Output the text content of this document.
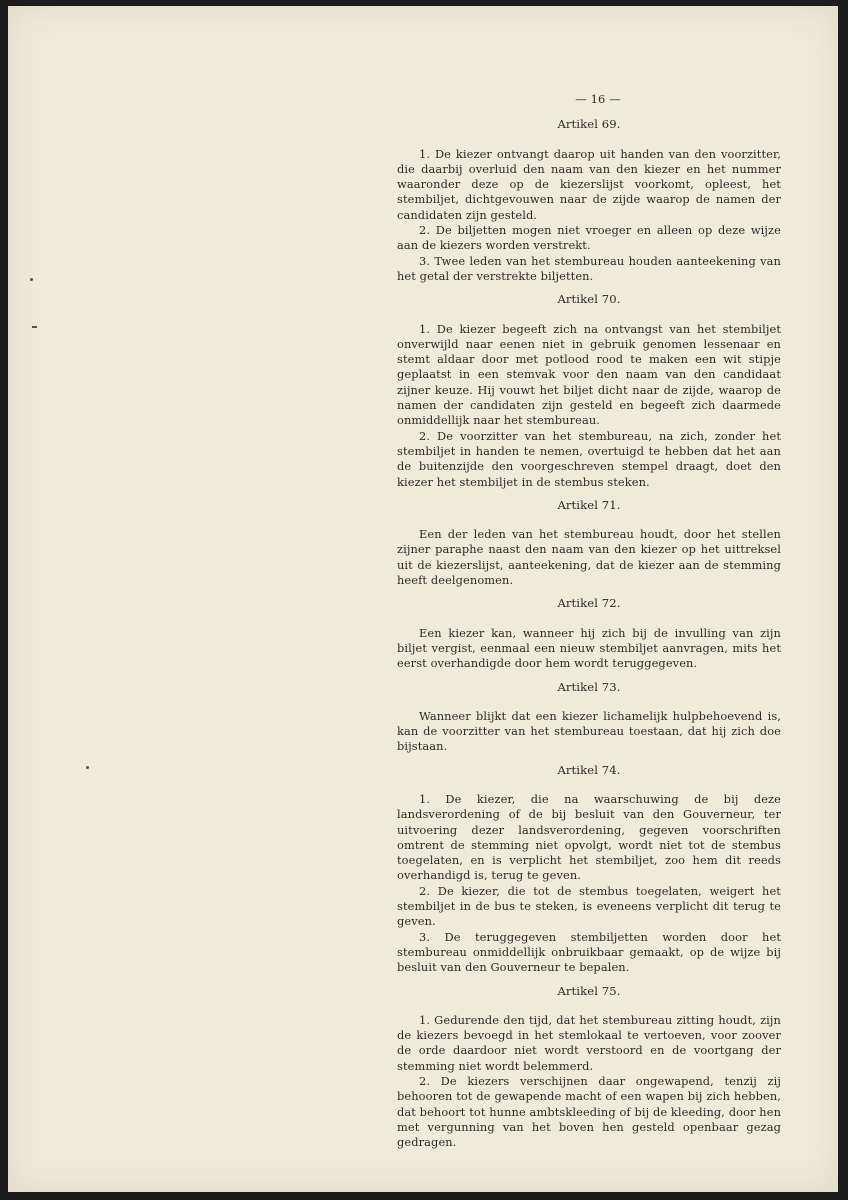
— 16 —
Artikel 69.

1. De kiezer ontvangt daarop uit handen van den voorzitter, die daarbij overluid den naam van den kiezer en het nummer waaronder deze op de kiezerslijst voorkomt, opleest, het stembiljet, dichtgevouwen naar de zijde waarop de namen der candidaten zijn gesteld.

2. De biljetten mogen niet vroeger en alleen op deze wijze aan de kiezers worden verstrekt.

3. Twee leden van het stembureau houden aanteekening van het getal der verstrekte biljetten.

Artikel 70.

1. De kiezer begeeft zich na ontvangst van het stembiljet onverwijld naar eenen niet in gebruik genomen lessenaar en stemt aldaar door met potlood rood te maken een wit stipje geplaatst in een stemvak voor den naam van den candidaat zijner keuze. Hij vouwt het biljet dicht naar de zijde, waarop de namen der candidaten zijn gesteld en begeeft zich daarmede onmiddellijk naar het stembureau.

2. De voorzitter van het stembureau, na zich, zonder het stembiljet in handen te nemen, overtuigd te hebben dat het aan de buitenzijde den voorgeschreven stempel draagt, doet den kiezer het stembiljet in de stembus steken.

Artikel 71.

Een der leden van het stembureau houdt, door het stellen zijner paraphe naast den naam van den kiezer op het uittreksel uit de kiezerslijst, aanteekening, dat de kiezer aan de stemming heeft deelgenomen.

Artikel 72.

Een kiezer kan, wanneer hij zich bij de invulling van zijn biljet vergist, eenmaal een nieuw stembiljet aanvragen, mits het eerst overhandigde door hem wordt teruggegeven.

Artikel 73.

Wanneer blijkt dat een kiezer lichamelijk hulpbehoevend is, kan de voorzitter van het stembureau toestaan, dat hij zich doe bijstaan.

Artikel 74.

1. De kiezer, die na waarschuwing de bij deze landsverordening of de bij besluit van den Gouverneur, ter uitvoering dezer landsverordening, gegeven voorschriften omtrent de stemming niet opvolgt, wordt niet tot de stembus toegelaten, en is verplicht het stembiljet, zoo hem dit reeds overhandigd is, terug te geven.

2. De kiezer, die tot de stembus toegelaten, weigert het stembiljet in de bus te steken, is eveneens verplicht dit terug te geven.

3. De teruggegeven stembiljetten worden door het stembureau onmiddellijk onbruikbaar gemaakt, op de wijze bij besluit van den Gouverneur te bepalen.

Artikel 75.

1. Gedurende den tijd, dat het stembureau zitting houdt, zijn de kiezers bevoegd in het stemlokaal te vertoeven, voor zoover de orde daardoor niet wordt verstoord en de voortgang der stemming niet wordt belemmerd.

2. De kiezers verschijnen daar ongewapend, tenzij zij behooren tot de gewapende macht of een wapen bij zich hebben, dat behoort tot hunne ambtskleeding of bij de kleeding, door hen met vergunning van het boven hen gesteld openbaar gezag gedragen.
